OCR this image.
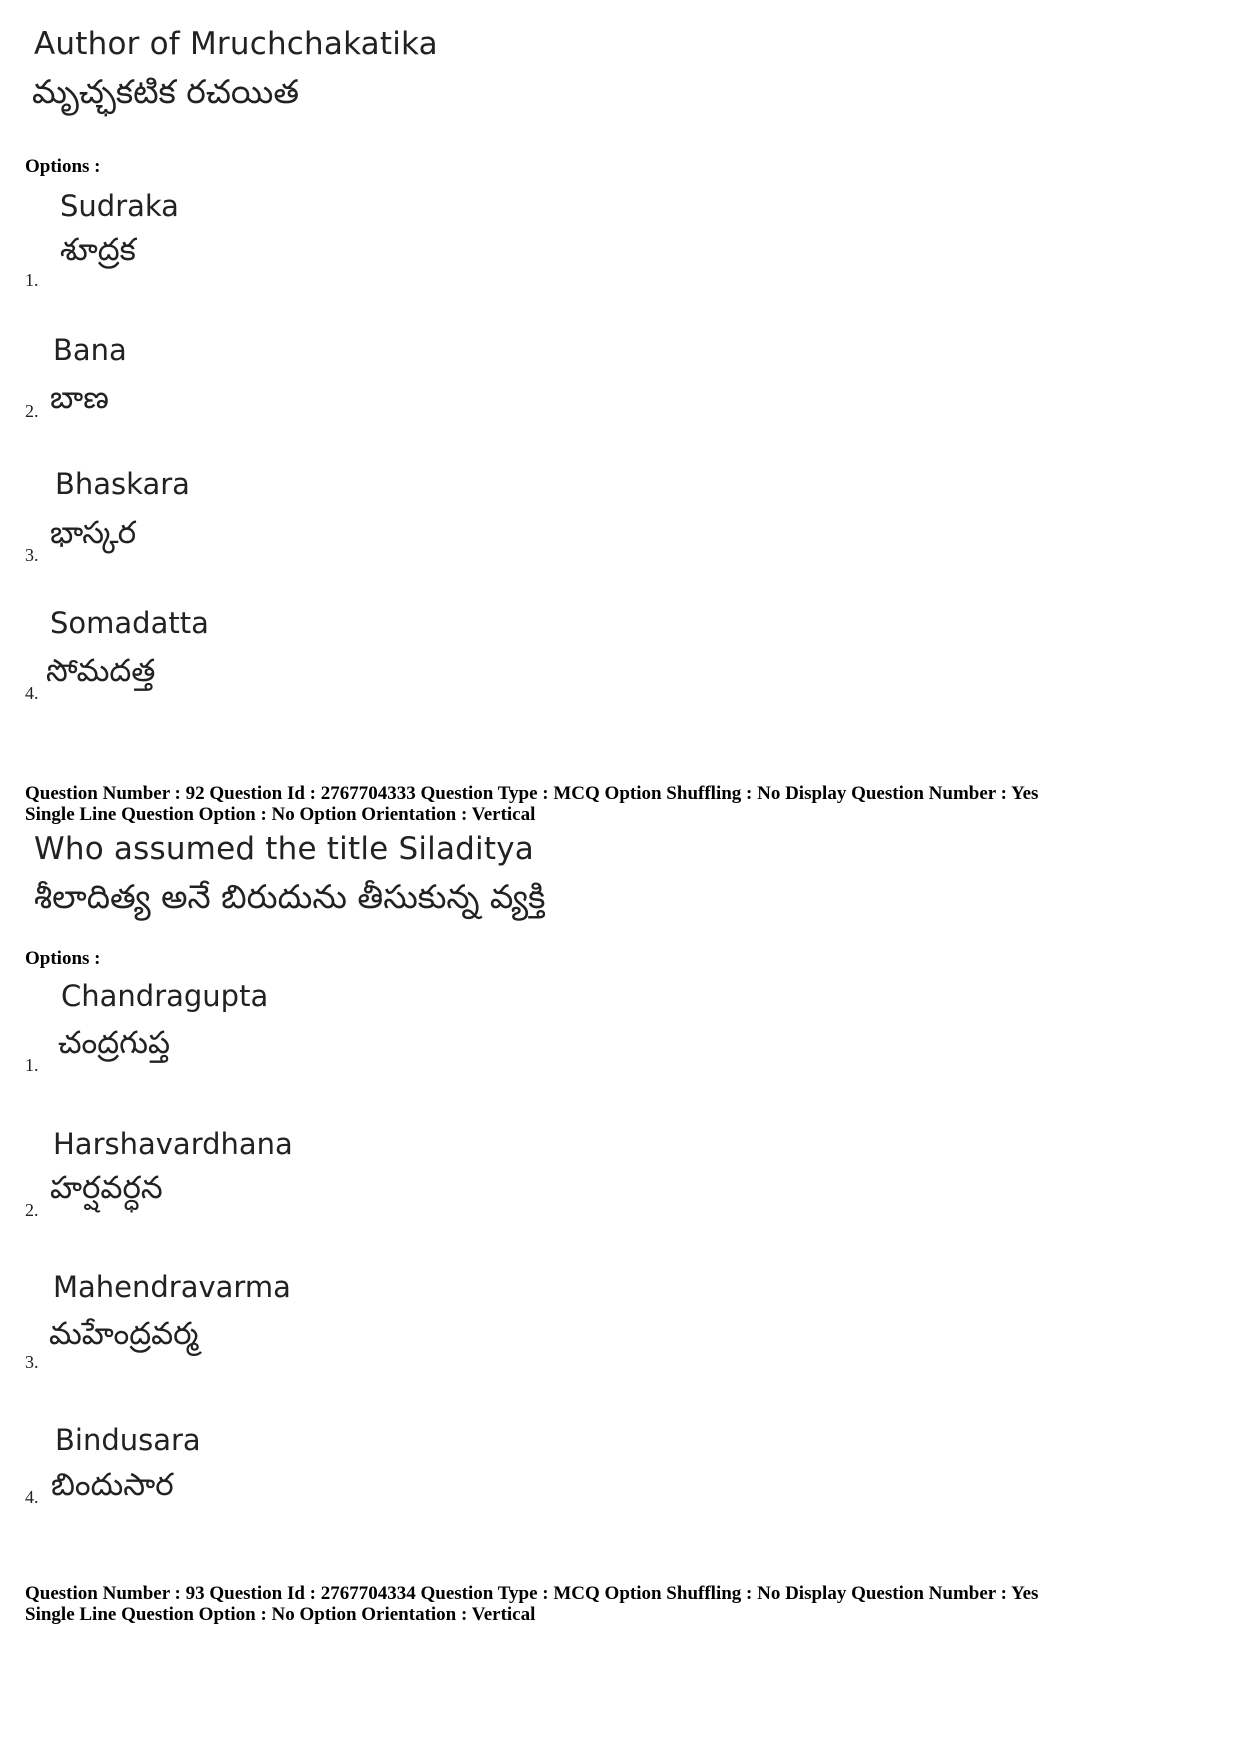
Author of Mruchchakatika
మృచ్ఛకటిక రచయిత
Options :
Sudraka
శూద్రక
1.
Bana
బాణ
2.
Bhaskara
భాస్కర
3.
Somadatta
సోమదత్త
4.
Question Number : 92 Question Id : 2767704333 Question Type : MCQ Option Shuffling : No Display Question Number : Yes
Single Line Question Option : No Option Orientation : Vertical
Who assumed the title Siladitya
శీలాదిత్య అనే బిరుదును తీసుకున్న వ్యక్తి
Options :
Chandragupta
చంద్రగుప్త
1.
Harshavardhana
హర్షవర్ధన
2.
Mahendravarma
మహేంద్రవర్మ
3.
Bindusara
బిందుసార
4.
Question Number : 93 Question Id : 2767704334 Question Type : MCQ Option Shuffling : No Display Question Number : Yes
Single Line Question Option : No Option Orientation : Vertical
